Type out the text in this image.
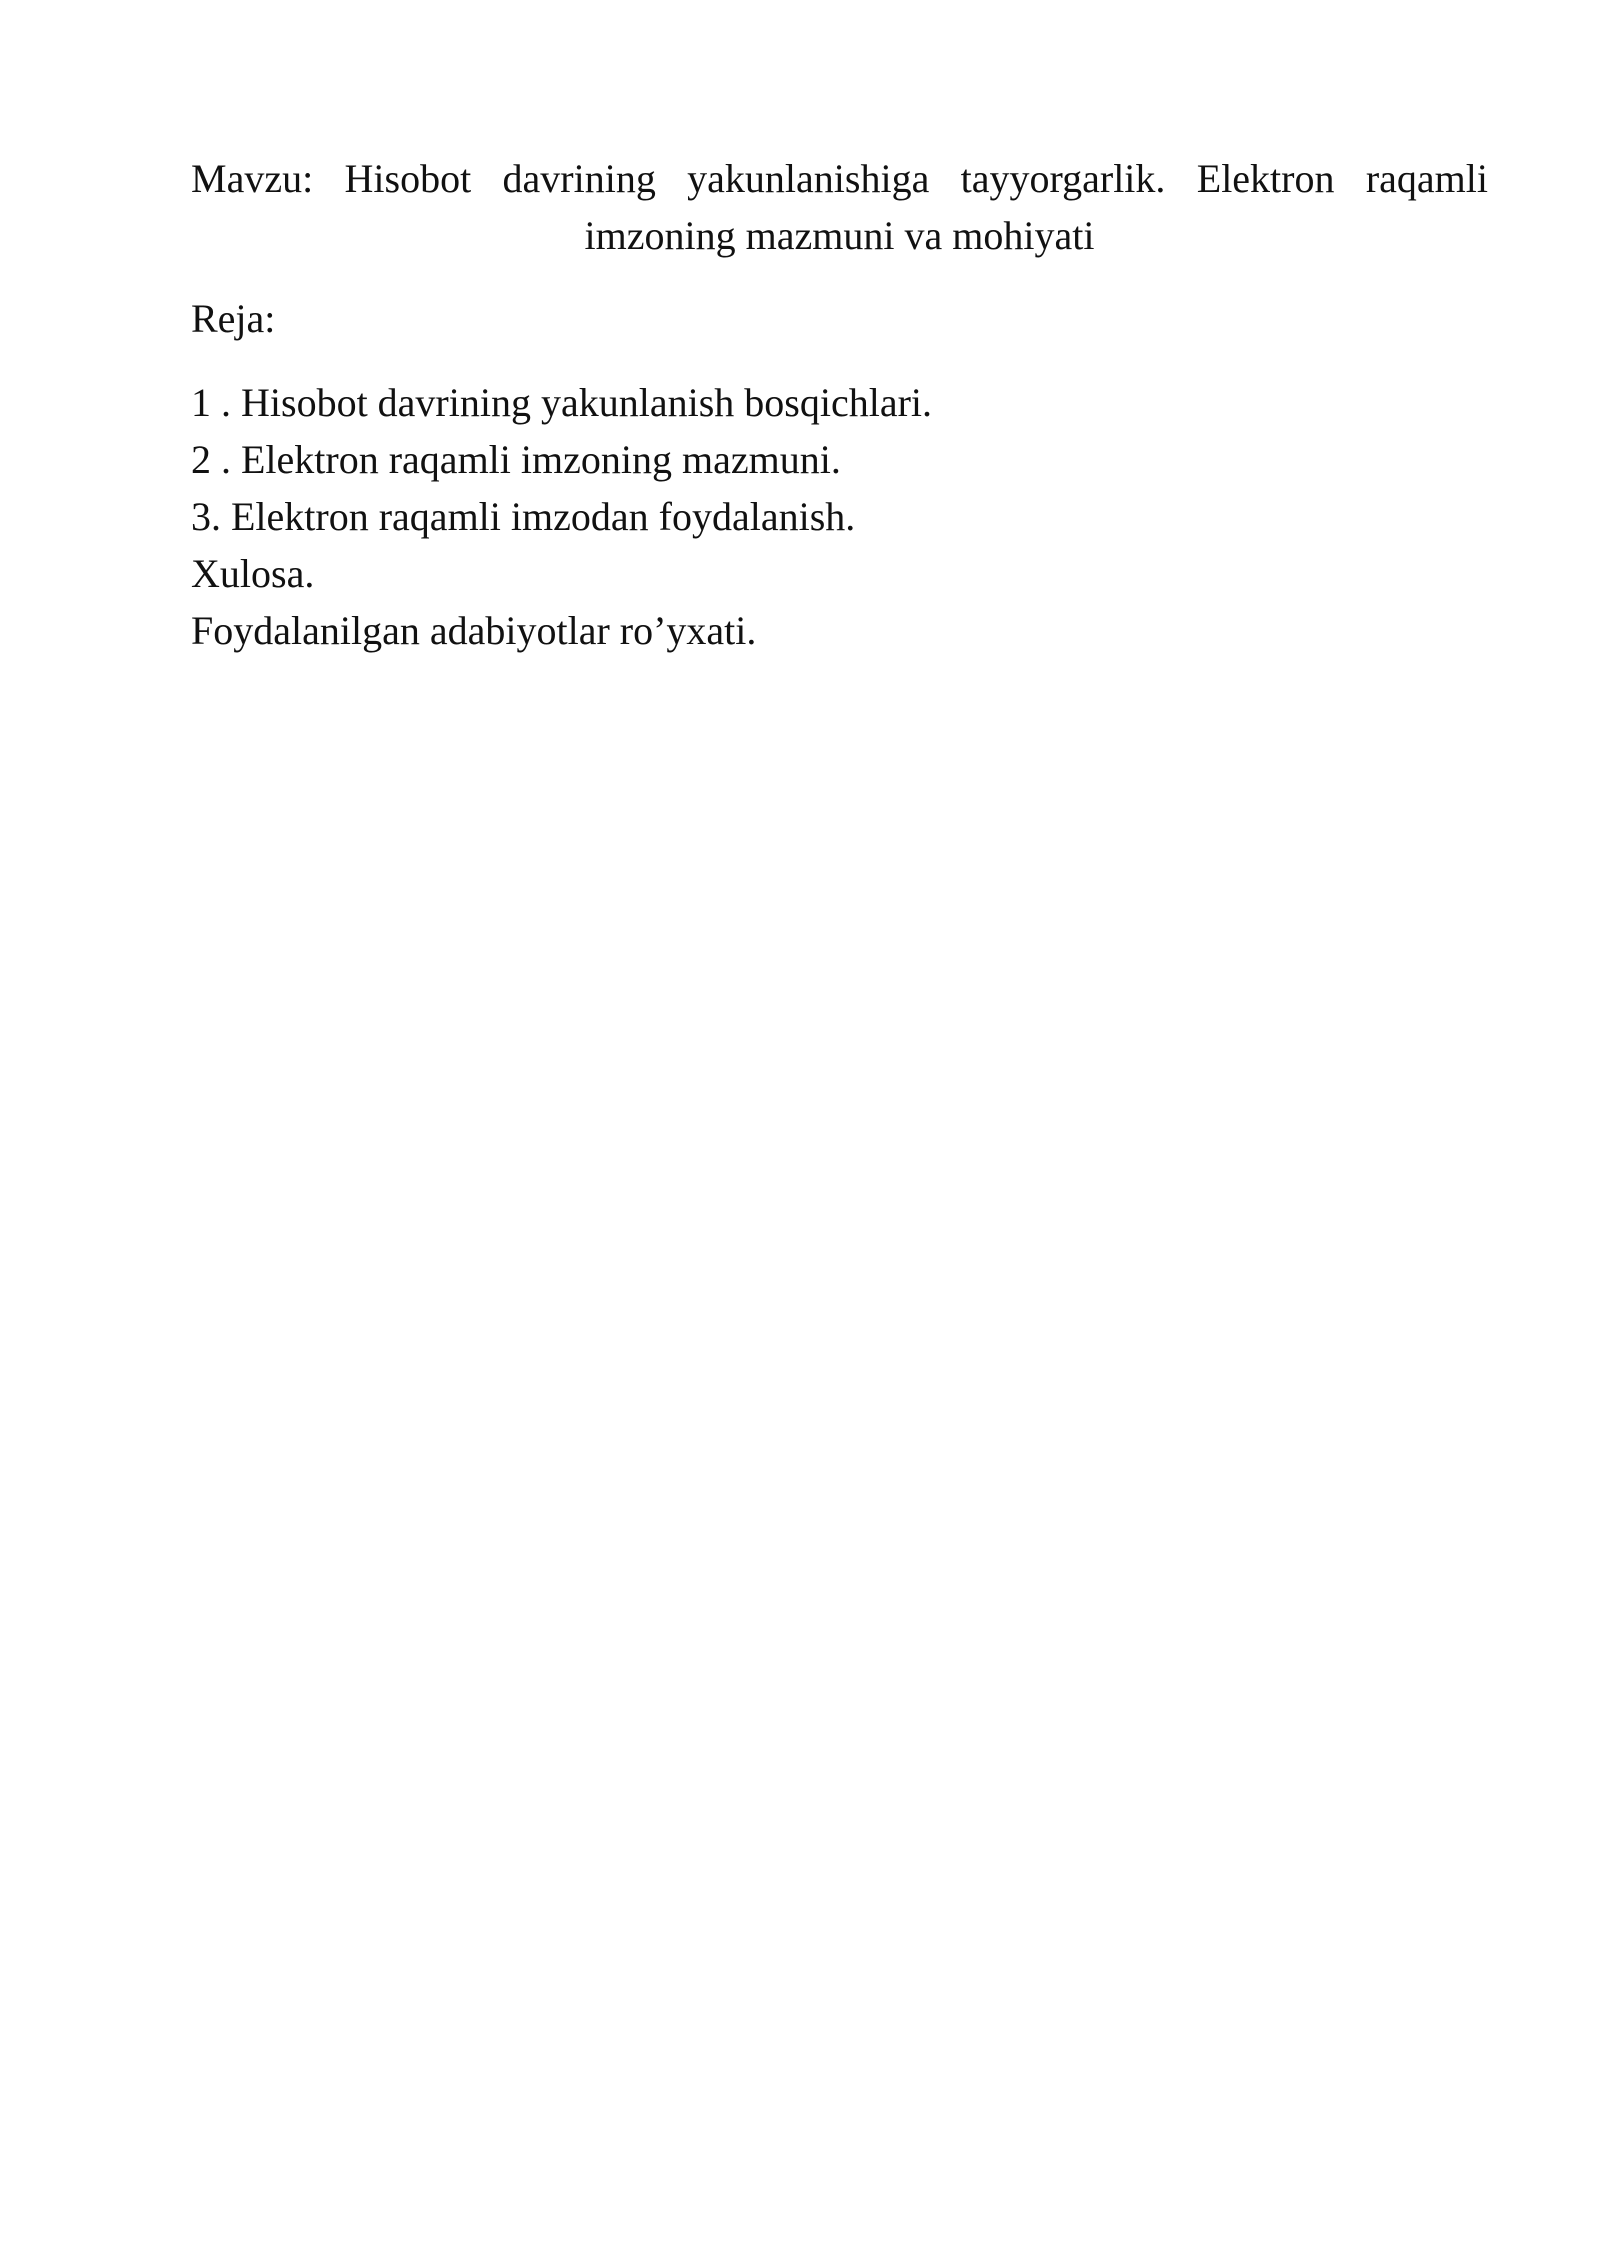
Mavzu: Hisobot davrining yakunlanishiga tayyorgarlik. Elektron raqamli
imzoning mazmuni va mohiyati

Reja:

1 . Hisobot davrining yakunlanish bosqichlari.
2 . Elektron raqamli imzoning mazmuni.
3. Elektron raqamli imzodan foydalanish.
Xulosa.
Foydalanilgan adabiyotlar ro’yxati.
